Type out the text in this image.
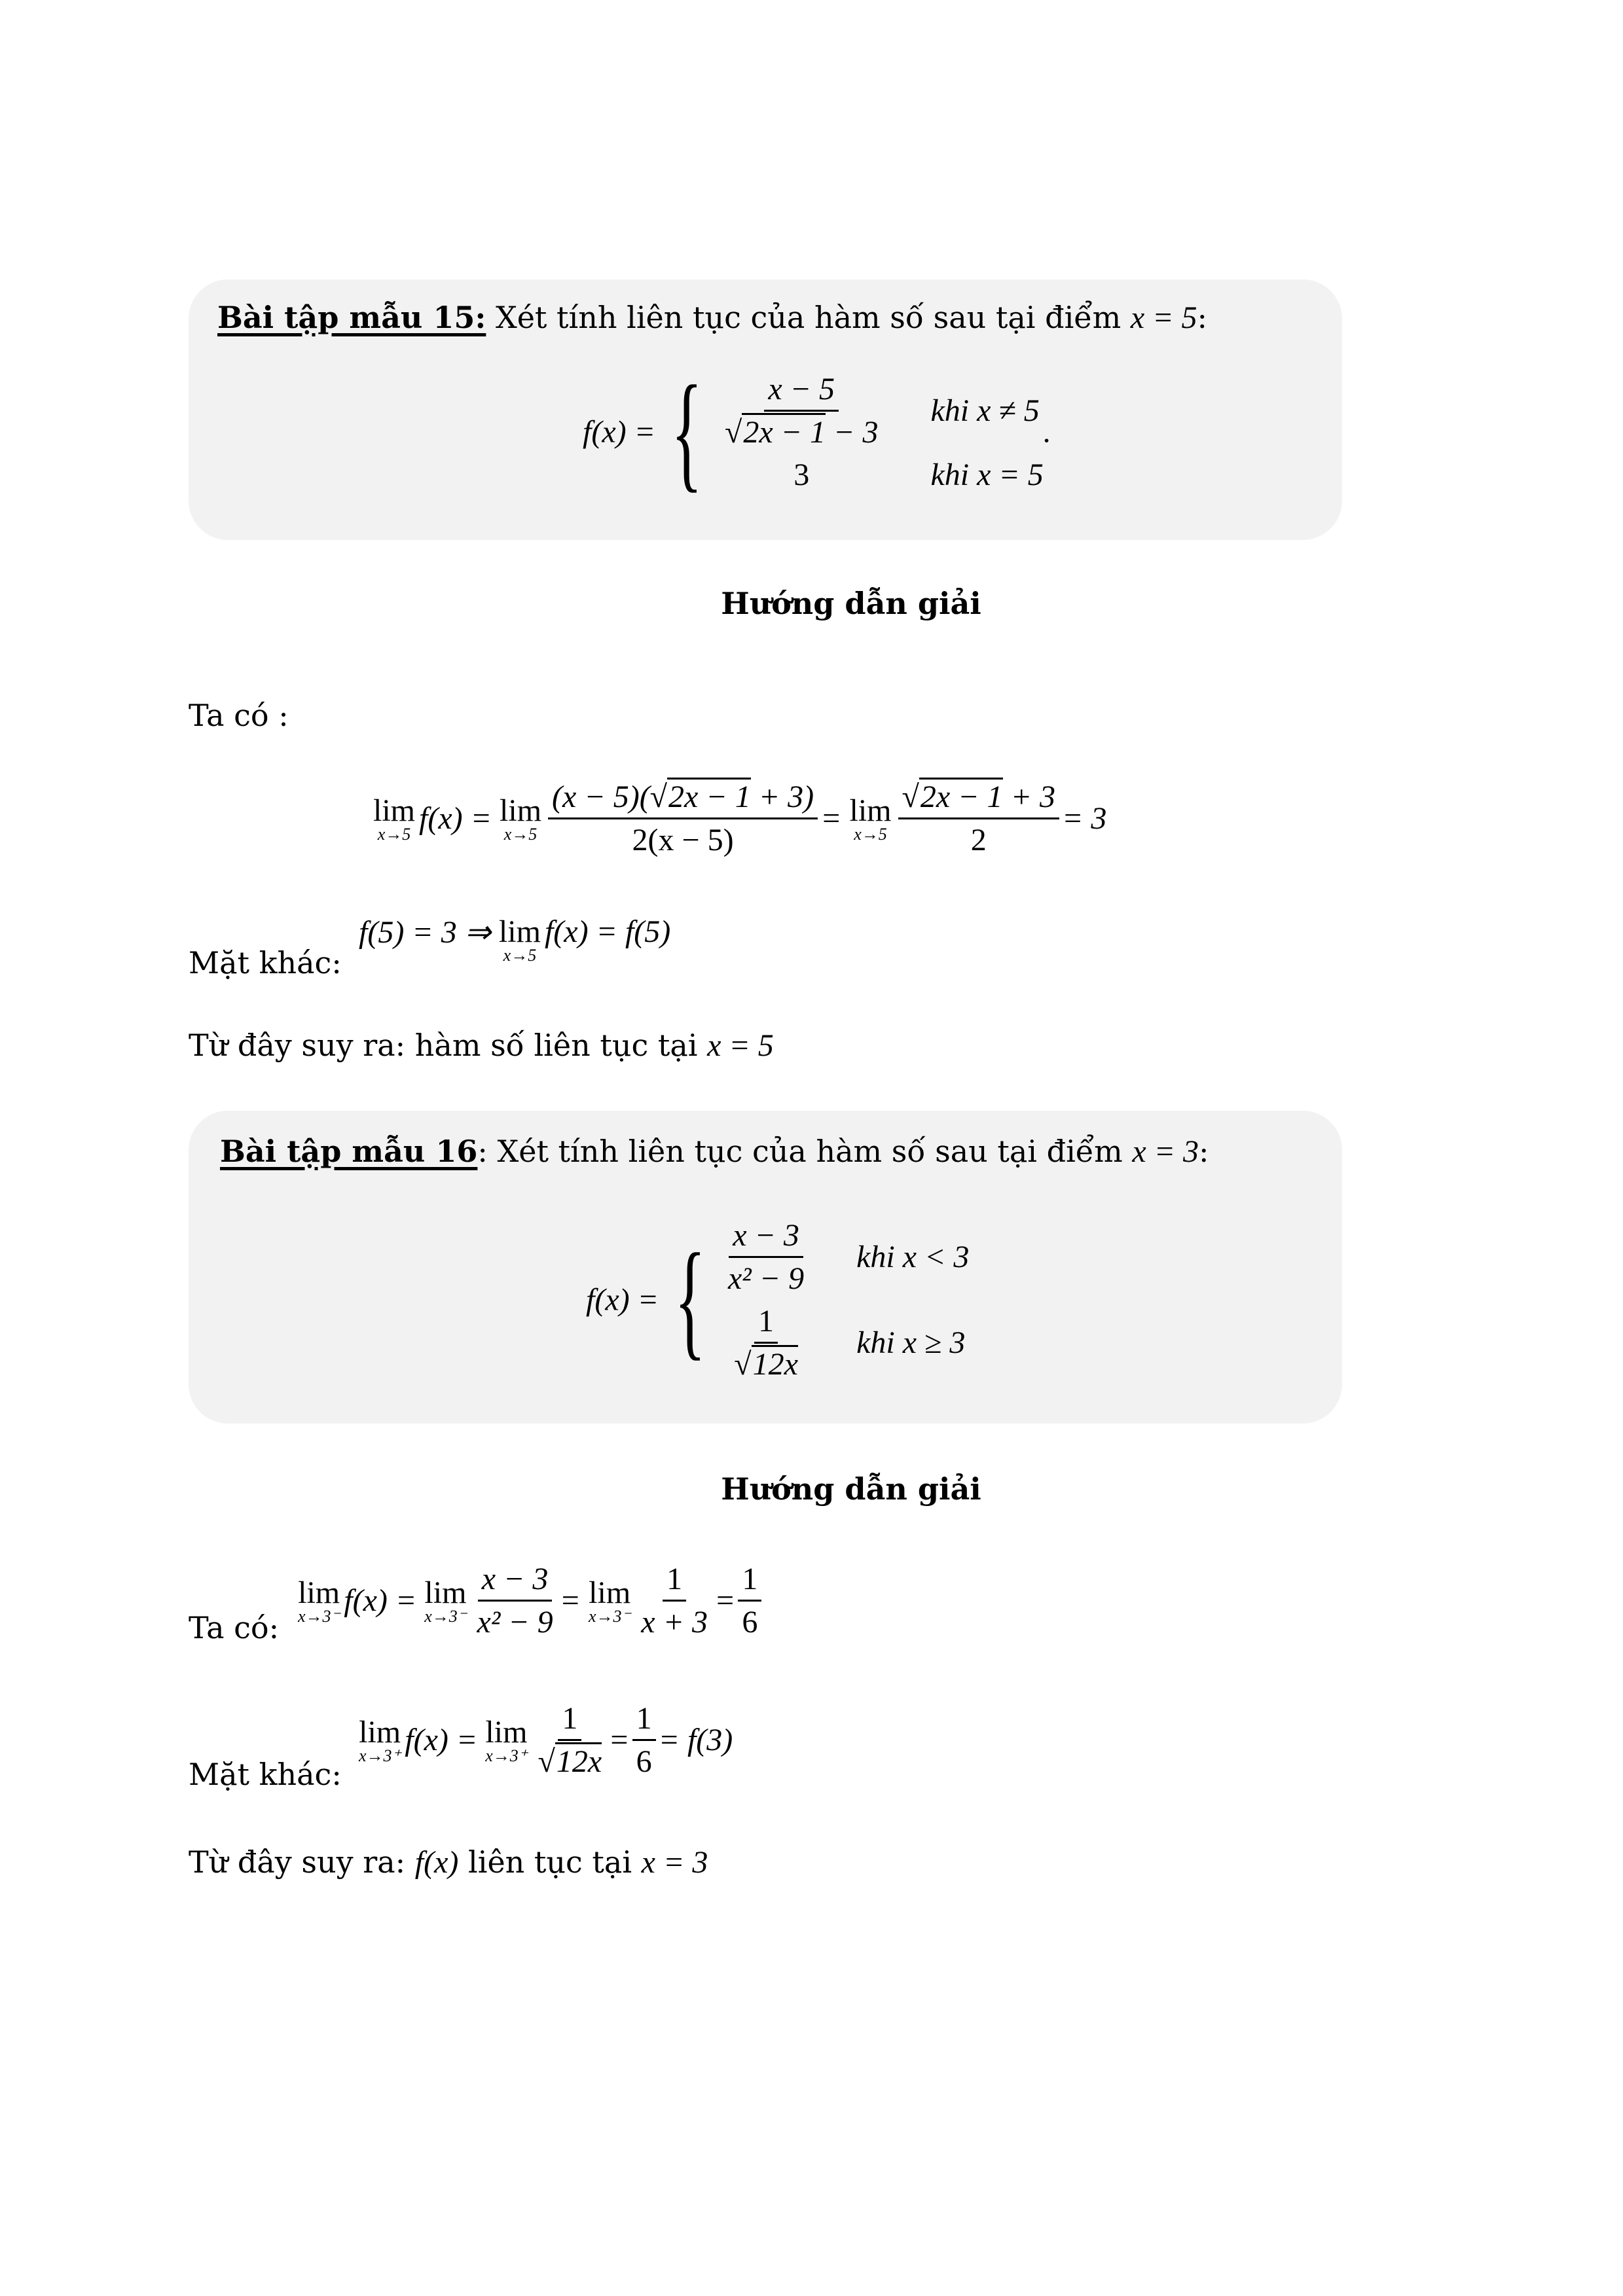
Bài tập mẫu 15: Xét tính liên tục của hàm số sau tại điểm x = 5:
f(x) = { $\frac{x - 5}{√2x - 1 - 3}$ khi x ≠ 5
3	khi x = 5
.
Hướng dẫn giải
Ta có :
lim
x→5 f(x) = lim
$x\to 5 \frac{(x - 5)(√2x - 1 + 3)}{2(x - 5)} = \lim$
$x\to 5 \frac{√2x - 1 + 3}{2} = 3$
Mặt khác:
f(5) = 3 ⇒ lim
x→5
f(x) = f(5)
Từ đây suy ra: hàm số liên tục tại x = 5
Bài tập mẫu 16: Xét tính liên tục của hàm số sau tại điểm x = 3:
f(x) = { $\frac{x - 3}{\text{x² − 9}}$ khi x < 3
$\frac{1}{√12x}$ khi x ≥ 3
Hướng dẫn giải
Ta có:
lim
x→3⁻ f(x) = lim
$x\to 3^- \frac{x - 3}{\text{x² − 9}} = \lim$
$x\to 3^- \frac{1}{x + 3} = \frac{1}{6}$
Mặt khác:
lim
x→3⁺ f(x) = lim
$x\to 3^+ \frac{1}{√12x} = \frac{1}{6} = f(3)$
Từ đây suy ra: f(x) liên tục tại x = 3
